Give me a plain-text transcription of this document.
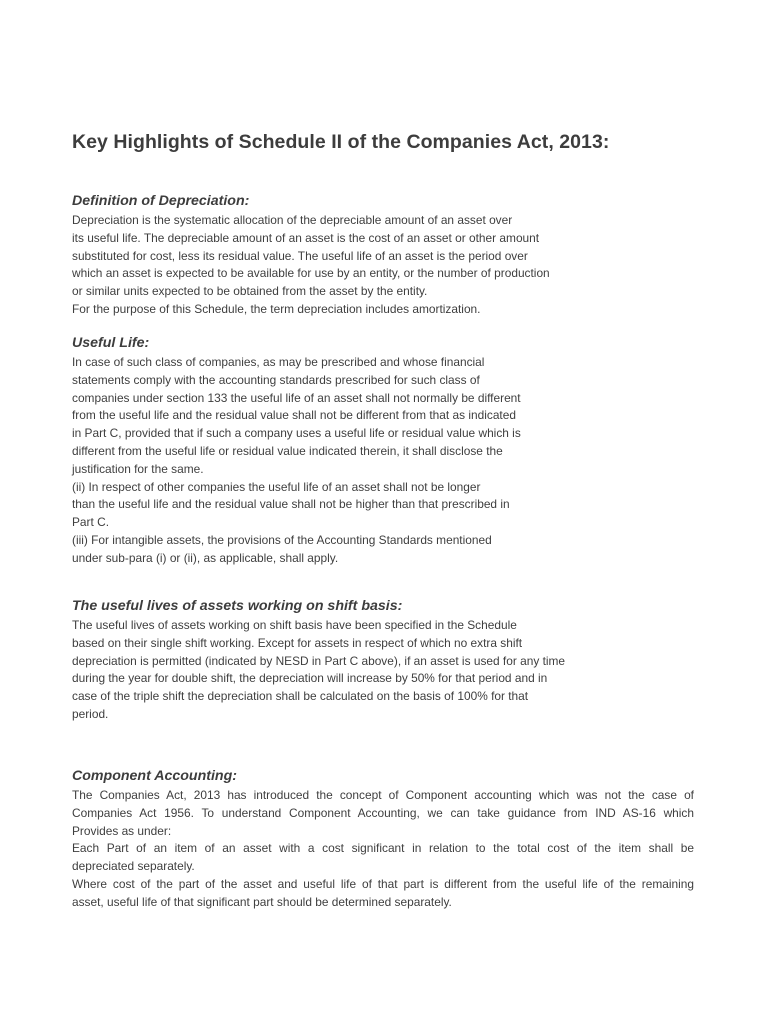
Key Highlights of Schedule II of the Companies Act, 2013:
Definition of Depreciation:

Depreciation is the systematic allocation of the depreciable amount of an asset over

its useful life. The depreciable amount of an asset is the cost of an asset or other amount

substituted for cost, less its residual value. The useful life of an asset is the period over

which an asset is expected to be available for use by an entity, or the number of production

or similar units expected to be obtained from the asset by the entity.

For the purpose of this Schedule, the term depreciation includes amortization.

Useful Life:

In case of such class of companies, as may be prescribed and whose financial

statements comply with the accounting standards prescribed for such class of

companies under section 133 the useful life of an asset shall not normally be different

from the useful life and the residual value shall not be different from that as indicated

in Part C, provided that if such a company uses a useful life or residual value which is

different from the useful life or residual value indicated therein, it shall disclose the

justification for the same.

(ii) In respect of other companies the useful life of an asset shall not be longer

than the useful life and the residual value shall not be higher than that prescribed in

Part C.

(iii) For intangible assets, the provisions of the Accounting Standards mentioned

under sub-para (i) or (ii), as applicable, shall apply.

The useful lives of assets working on shift basis:

The useful lives of assets working on shift basis have been specified in the Schedule

based on their single shift working. Except for assets in respect of which no extra shift

depreciation is permitted (indicated by NESD in Part C above), if an asset is used for any time

during the year for double shift, the depreciation will increase by 50% for that period and in

case of the triple shift the depreciation shall be calculated on the basis of 100% for that

period.

Component Accounting:

The Companies Act, 2013 has introduced the concept of Component accounting which was not the case of

Companies Act 1956. To understand Component Accounting, we can take guidance from IND AS-16 which

Provides as under:

Each Part of an item of an asset with a cost significant in relation to the total cost of the item shall be

depreciated separately.

Where cost of the part of the asset and useful life of that part is different from the useful life of the remaining

asset, useful life of that significant part should be determined separately.
